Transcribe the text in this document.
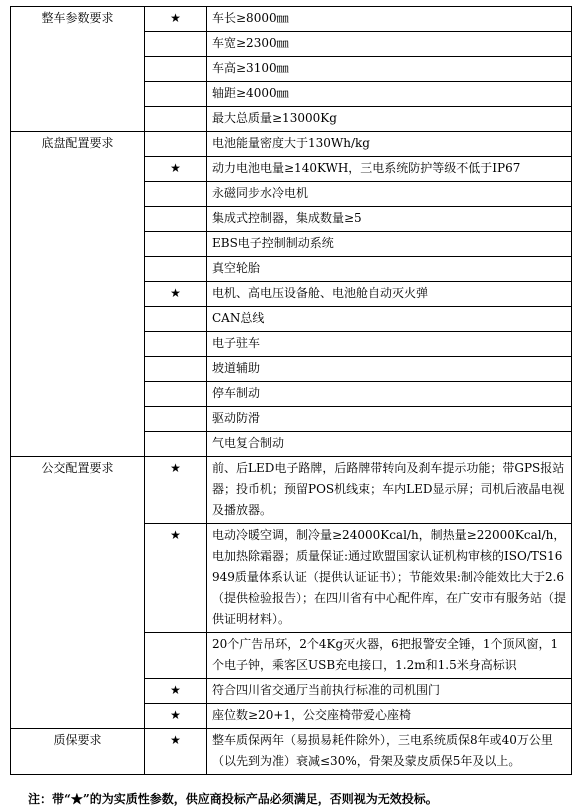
整车参数要求	★	车长≥8000㎜
		车宽≥2300㎜
		车高≥3100㎜
		轴距≥4000㎜
		最大总质量≥13000Kg
底盘配置要求		电池能量密度大于130Wh/kg
	★	动力电池电量≥140KWH，三电系统防护等级不低于IP67
		永磁同步水冷电机
		集成式控制器，集成数量≥5
		EBS电子控制制动系统
		真空轮胎
	★	电机、高电压设备舱、电池舱自动灭火弹
		CAN总线
		电子驻车
		坡道辅助
		停车制动
		驱动防滑
		气电复合制动
公交配置要求	★	前、后LED电子路牌，后路牌带转向及刹车提示功能；带GPS报站器；投币机；预留POS机线束；车内LED显示屏；司机后液晶电视及播放器。
	★	电动冷暖空调，制冷量≥24000Kcal/h，制热量≥22000Kcal/h，电加热除霜器；质量保证:通过欧盟国家认证机构审核的ISO/TS16949质量体系认证（提供认证证书）；节能效果:制冷能效比大于2.6（提供检验报告）；在四川省有中心配件库，在广安市有服务站（提供证明材料）。
		20个广告吊环，2个4Kg灭火器，6把报警安全锤，1个顶风窗，1个电子钟，乘客区USB充电接口，1.2m和1.5米身高标识
	★	符合四川省交通厅当前执行标准的司机围门
	★	座位数≥20+1，公交座椅带爱心座椅
质保要求	★	整车质保两年（易损易耗件除外），三电系统质保8年或40万公里（以先到为准）衰减≤30%，骨架及蒙皮质保5年及以上。
注：带“★”的为实质性参数，供应商投标产品必须满足，否则视为无效投标。
